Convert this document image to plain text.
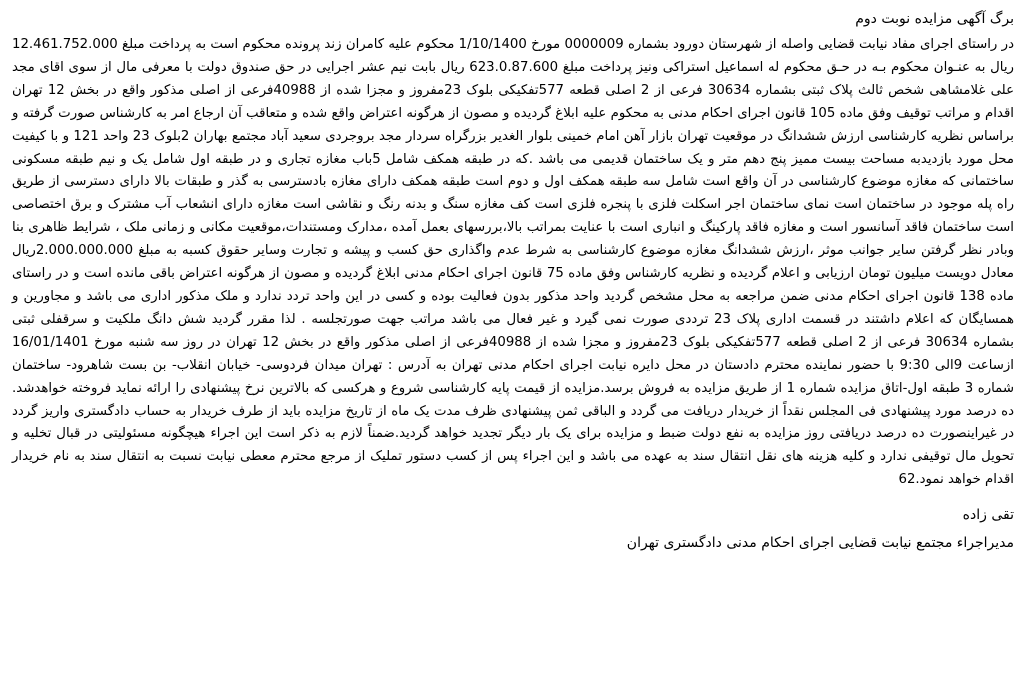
برگ آگهی مزایده نوبت دوم

در راستای اجرای مفاد نیابت قضایی واصله از شهرستان دورود بشماره 0000009 مورخ 1/10/1400 محکوم علیه کامران زند پرونده محکوم است به پرداخت مبلغ 12.461.752.000 ریال به عنـوان محکوم بـه در حـق محکوم له اسماعیل استراکی ونیز پرداخت مبلغ 623.0.87.600 ریال بابت نیم عشر اجرایی در حق صندوق دولت با معرفی مال از سوی اقای مجد علی غلامشاهی شخص ثالث پلاک ثبتی بشماره 30634 فرعی از 2 اصلی قطعه 577تفکیکی بلوک 23مفروز و مجزا شده از 40988فرعی از اصلی مذکور واقع در بخش 12 تهران اقدام و مراتب توقیف وفق ماده 105 قانون اجرای احکام مدنی به محکوم علیه ابلاغ گردیده و مصون از هرگونه اعتراض واقع شده و متعاقب آن ارجاع امر به کارشناس صورت گرفته و براساس نظریه کارشناسی ارزش ششدانگ در موقعیت تهران بازار آهن امام خمینی بلوار الغدیر بزرگراه سردار مجد بروجردی سعید آباد مجتمع بهاران 2بلوک 23 واحد 121 و با کیفیت محل مورد بازدیدبه مساحت بیست ممیز پنج دهم متر و یک ساختمان قدیمی می باشد .که در طبقه همکف شامل 5باب مغازه تجاری و در طبقه اول شامل یک و نیم طبقه مسکونی ساختمانی که مغازه موضوع کارشناسی در آن واقع است شامل سه طبقه همکف اول و دوم است طبقه همکف دارای مغازه بادسترسی به گذر و طبقات بالا دارای دسترسی از طریق راه پله موجود در ساختمان است نمای ساختمان اجر اسکلت فلزی با پنجره فلزی است کف مغازه سنگ و بدنه رنگ و نقاشی است مغازه دارای انشعاب آب مشترک و برق اختصاصی است ساختمان فاقد آسانسور است و مغازه فاقد پارکینگ و انباری است با عنایت بمراتب بالا،بررسهای بعمل آمده ،مدارک ومستندات،موقعیت مکانی و زمانی ملک ، شرایط ظاهری بنا وبادر نظر گرفتن سایر جوانب موثر ،ارزش ششدانگ مغازه موضوع کارشناسی به شرط عدم واگذاری حق کسب و پیشه و تجارت وسایر حقوق کسبه به مبلغ 2.000.000.000ریال معادل دویست میلیون تومان ارزیابی و اعلام گردیده و نظریه کارشناس وفق ماده 75 قانون اجرای احکام مدنی ابلاغ گردیده و مصون از هرگونه اعتراض باقی مانده است و در راستای ماده 138 قانون اجرای احکام مدنی ضمن مراجعه به محل مشخص گردید واحد مذکور بدون فعالیت بوده و کسی در این واحد تردد ندارد و ملک مذکور اداری می باشد و مجاورین و همسایگان که اعلام داشتند در قسمت اداری پلاک 23 ترددی صورت نمی گیرد و غیر فعال می باشد مراتب جهت صورتجلسه . لذا مقرر گردید شش دانگ ملکیت و سرقفلی ثبتی بشماره 30634 فرعی از 2 اصلی قطعه 577تفکیکی بلوک 23مفروز و مجزا شده از 40988فرعی از اصلی مذکور واقع در بخش 12 تهران در روز سه شنبه مورخ 16/01/1401 ازساعت 9الی 9:30 با حضور نماینده محترم دادستان در محل دایره نیابت اجرای احکام مدنی تهران به آدرس : تهران میدان فردوسی- خیابان انقلاب- بن بست شاهرود- ساختمان شماره 3 طبقه اول-اتاق مزایده شماره 1 از طریق مزایده به فروش برسد.مزایده از قیمت پایه کارشناسی شروع و هرکسی که بالاترین نرخ پیشنهادی را ارائه نماید فروخته خواهدشد. ده درصد مورد پیشنهادی فی المجلس نقداً از خریدار دریافت می گردد و الباقی ثمن پیشنهادی ظرف مدت یک ماه از تاریخ مزایده باید از طرف خریدار به حساب دادگستری واریز گردد در غیراینصورت ده درصد دریافتی روز مزایده به نفع دولت ضبط و مزایده برای یک بار دیگر تجدید خواهد گردید.ضمناً لازم به ذکر است این اجراء هیچگونه مسئولیتی در قبال تخلیه و تحویل مال توقیفی ندارد و کلیه هزینه های نقل انتقال سند به عهده می باشد و این اجراء پس از کسب دستور تملیک از مرجع محترم معطی نیابت نسبت به انتقال سند به نام خریدار اقدام خواهد نمود.62

تقی زاده
مدیراجراء مجتمع نیابت قضایی اجرای احکام مدنی دادگستری تهران
